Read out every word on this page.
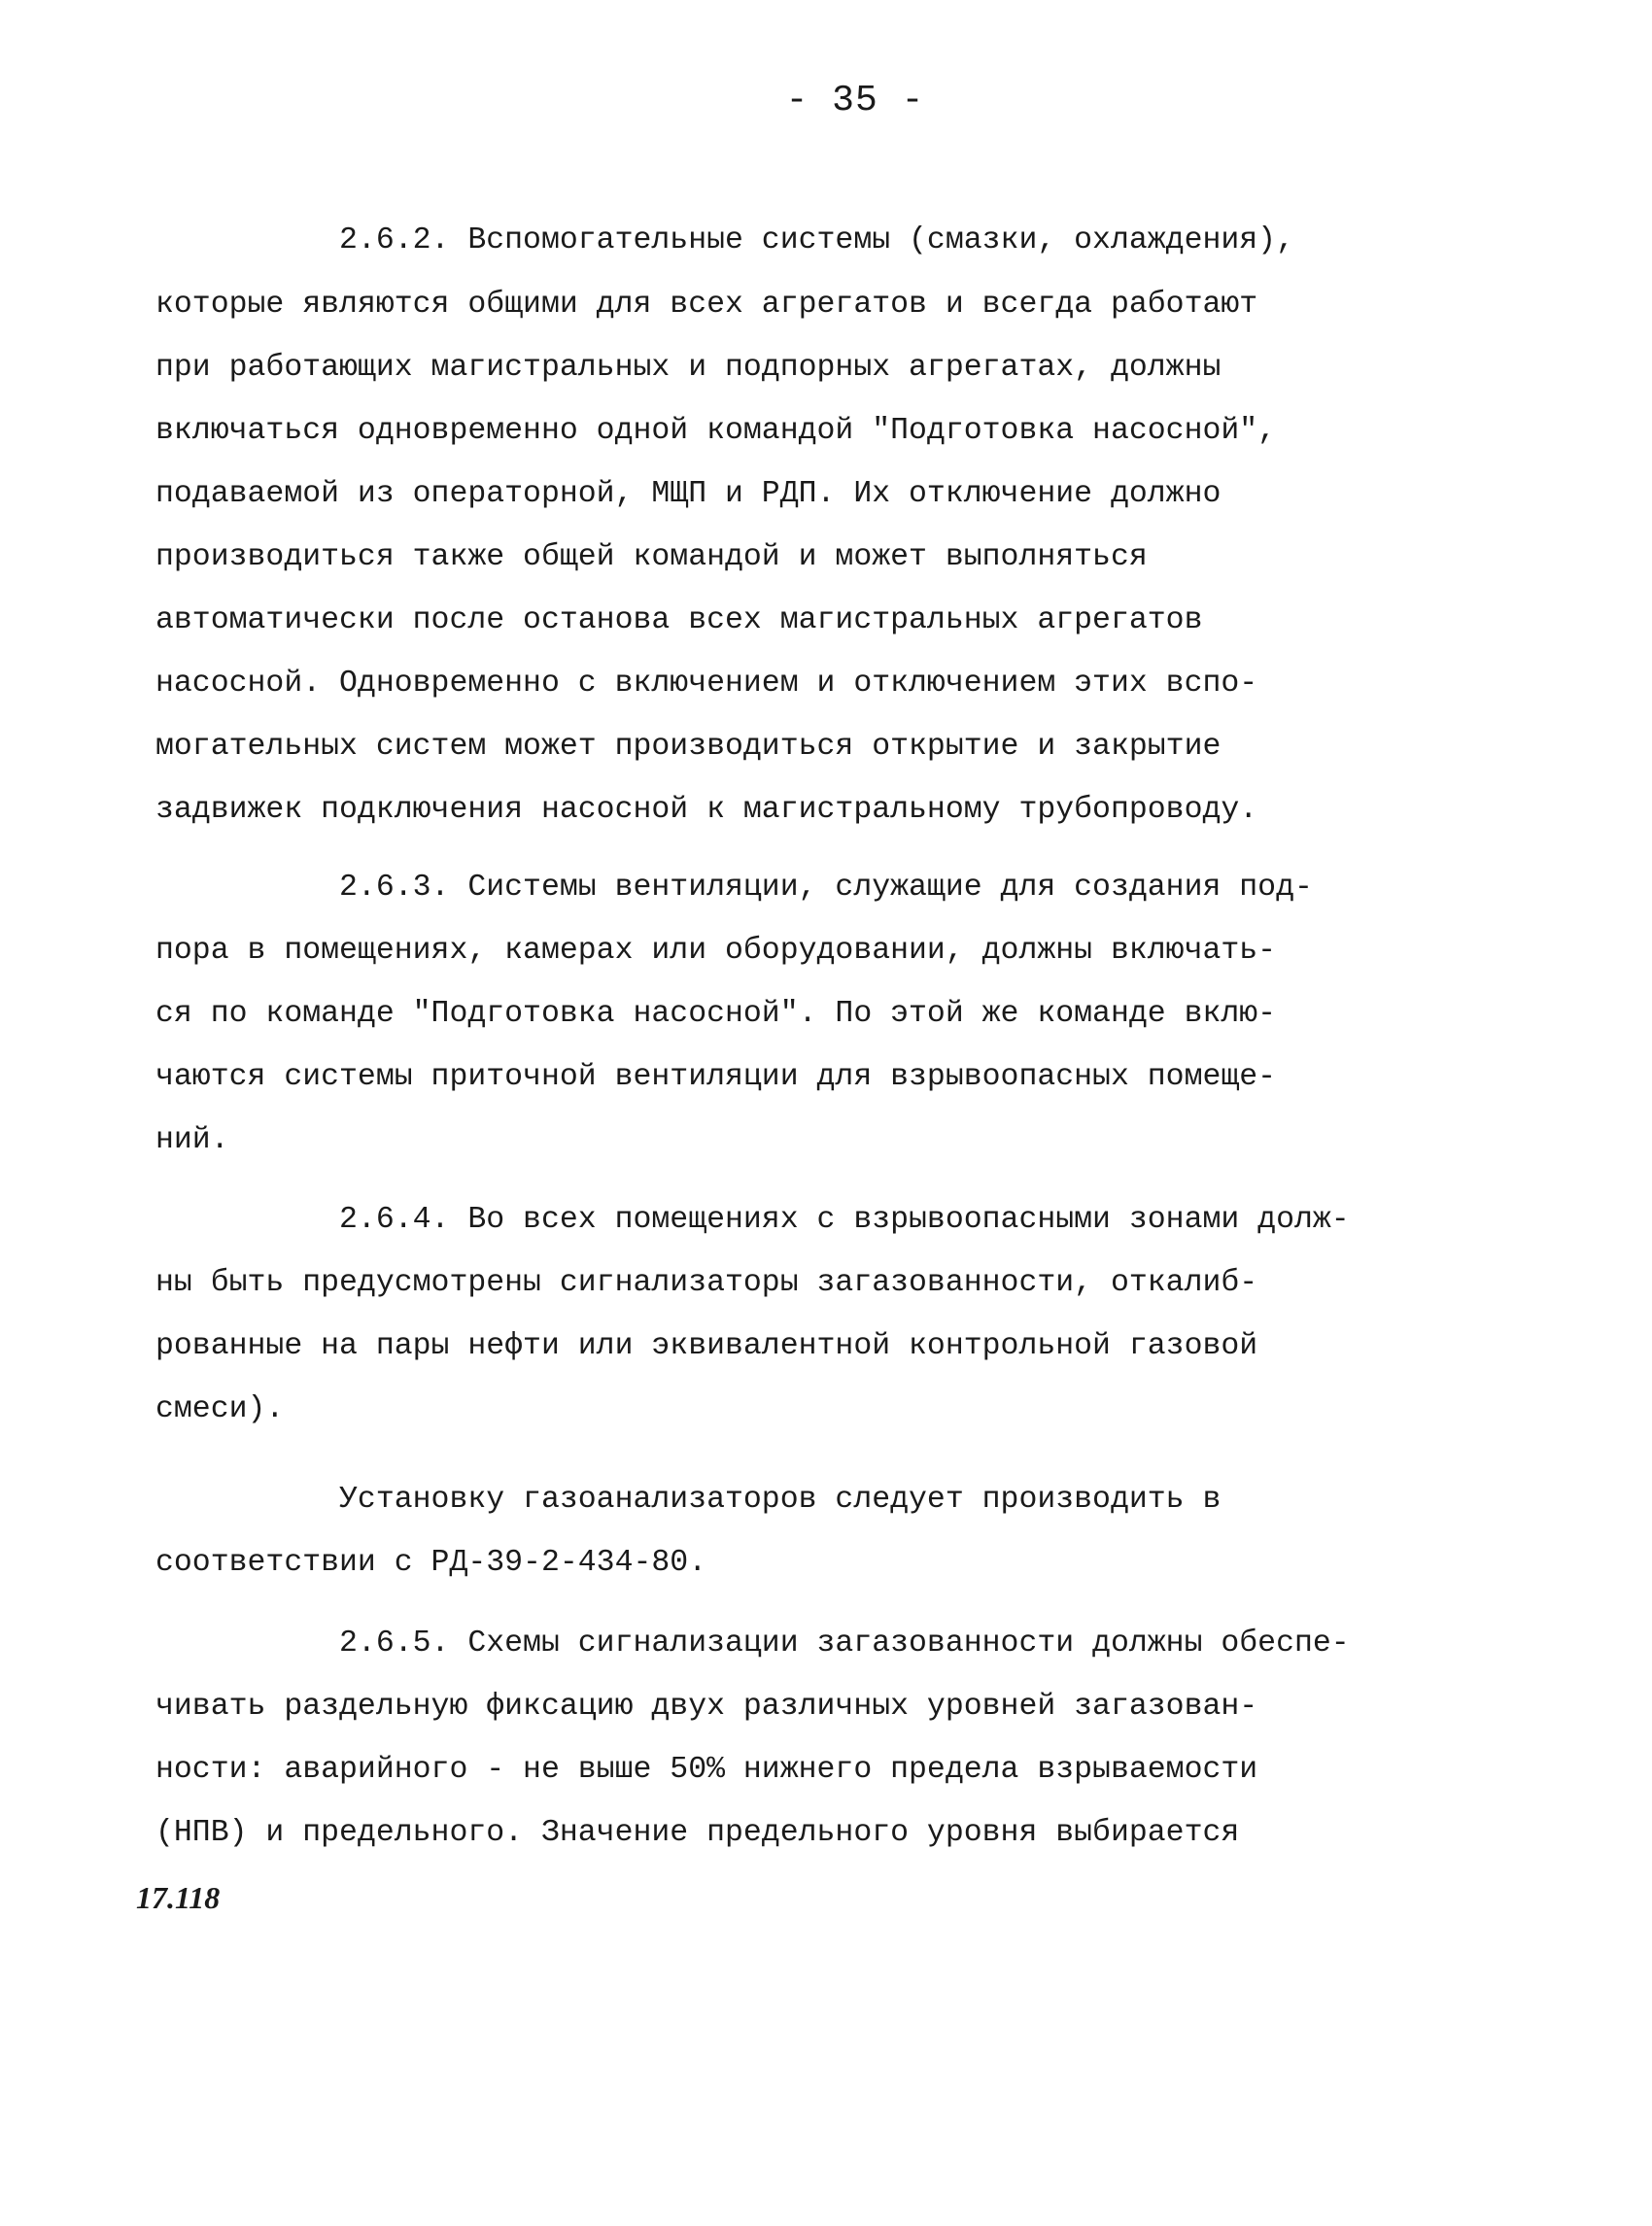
- 35 -
2.6.2. Вспомогательные системы (смазки, охлаждения),
которые являются общими для всех агрегатов и всегда работают
при работающих магистральных и подпорных агрегатах, должны
включаться одновременно одной командой "Подготовка насосной",
подаваемой из операторной, МЩП и РДП. Их отключение должно
производиться также общей командой и может выполняться
автоматически после останова всех магистральных агрегатов
насосной. Одновременно с включением и отключением этих вспо-
могательных систем может производиться открытие и закрытие
задвижек подключения насосной к магистральному трубопроводу.
2.6.3. Системы вентиляции, служащие для создания под-
пора в помещениях, камерах или оборудовании, должны включать-
ся по команде "Подготовка насосной". По этой же команде вклю-
чаются системы приточной вентиляции для взрывоопасных помеще-
ний.
2.6.4. Во всех помещениях с взрывоопасными зонами долж-
ны быть предусмотрены сигнализаторы загазованности, откалиб-
рованные на пары нефти или эквивалентной контрольной газовой
смеси).
Установку газоанализаторов следует производить в
соответствии с РД-39-2-434-80.
2.6.5. Схемы сигнализации загазованности должны обеспе-
чивать раздельную фиксацию двух различных уровней загазован-
ности: аварийного - не выше 50% нижнего предела взрываемости
(НПВ) и предельного. Значение предельного уровня выбирается
17.118
